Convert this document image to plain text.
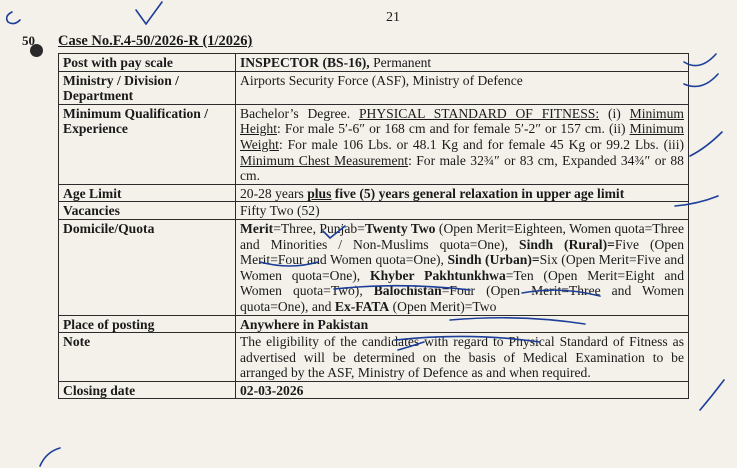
21
50 Case No.F.4-50/2026-R (1/2026)
Post with pay scale	INSPECTOR (BS-16), Permanent
Ministry / Division / Department	Airports Security Force (ASF), Ministry of Defence
Minimum Qualification / Experience	Bachelor’s Degree. PHYSICAL STANDARD OF FITNESS: (i) Minimum Height: For male 5′-6″ or 168 cm and for female 5′-2″ or 157 cm. (ii) Minimum Weight: For male 106 Lbs. or 48.1 Kg and for female 45 Kg or 99.2 Lbs. (iii) Minimum Chest Measurement: For male 32¾″ or 83 cm, Expanded 34¾″ or 88 cm.
Age Limit	20-28 years plus five (5) years general relaxation in upper age limit
Vacancies	Fifty Two (52)
Domicile/Quota	Merit=Three, Punjab=Twenty Two (Open Merit=Eighteen, Women quota=Three and Minorities / Non-Muslims quota=One), Sindh (Rural)=Five (Open Merit=Four and Women quota=One), Sindh (Urban)=Six (Open Merit=Five and Women quota=One), Khyber Pakhtunkhwa=Ten (Open Merit=Eight and Women quota=Two), Balochistan=Four (Open Merit=Three and Women quota=One), and Ex-FATA (Open Merit)=Two
Place of posting	Anywhere in Pakistan
Note	The eligibility of the candidates with regard to Physical Standard of Fitness as advertised will be determined on the basis of Medical Examination to be arranged by the ASF, Ministry of Defence as and when required.
Closing date	02-03-2026
